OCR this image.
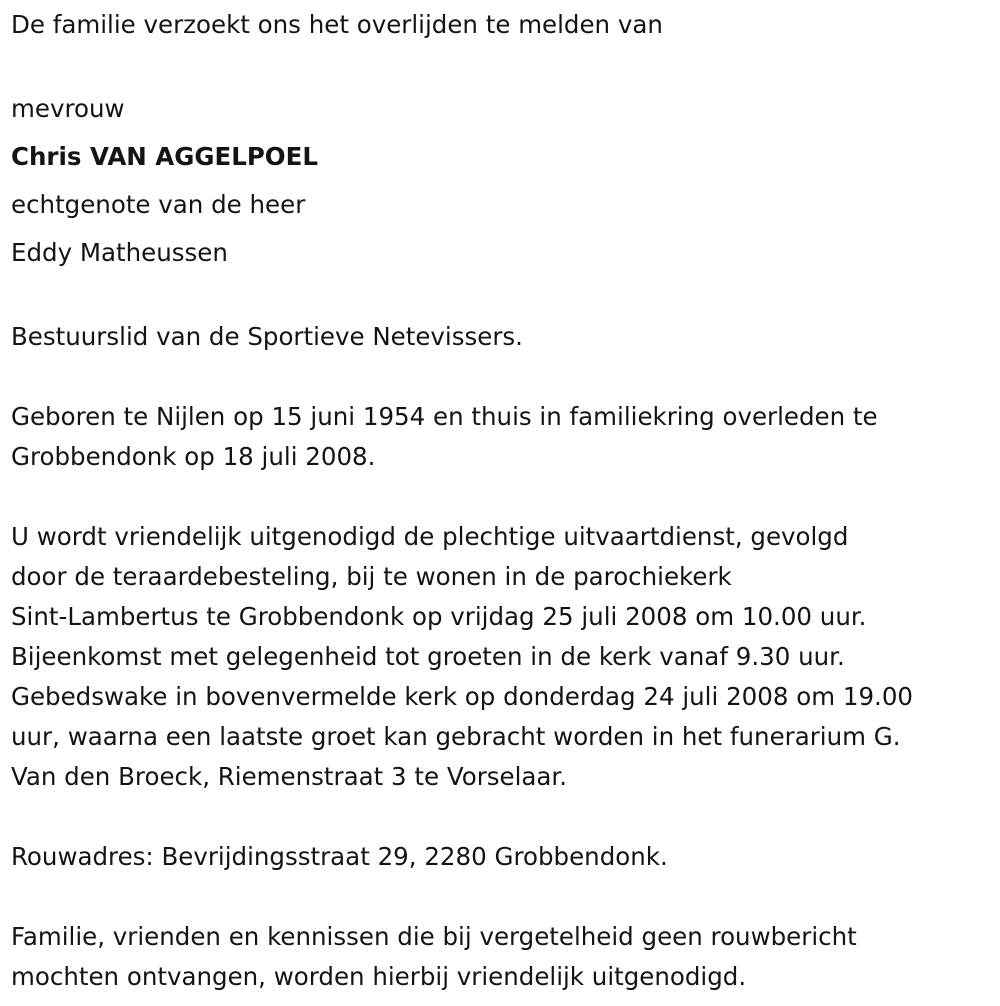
De familie verzoekt ons het overlijden te melden van
mevrouw
Chris VAN AGGELPOEL
echtgenote van de heer
Eddy Matheussen
Bestuurslid van de Sportieve Netevissers.
Geboren te Nijlen op 15 juni 1954 en thuis in familiekring overleden te
Grobbendonk op 18 juli 2008.
U wordt vriendelijk uitgenodigd de plechtige uitvaartdienst, gevolgd
door de teraardebesteling, bij te wonen in de parochiekerk
Sint-Lambertus te Grobbendonk op vrijdag 25 juli 2008 om 10.00 uur.
Bijeenkomst met gelegenheid tot groeten in de kerk vanaf 9.30 uur.
Gebedswake in bovenvermelde kerk op donderdag 24 juli 2008 om 19.00
uur, waarna een laatste groet kan gebracht worden in het funerarium G.
Van den Broeck, Riemenstraat 3 te Vorselaar.
Rouwadres: Bevrijdingsstraat 29, 2280 Grobbendonk.
Familie, vrienden en kennissen die bij vergetelheid geen rouwbericht
mochten ontvangen, worden hierbij vriendelijk uitgenodigd.
